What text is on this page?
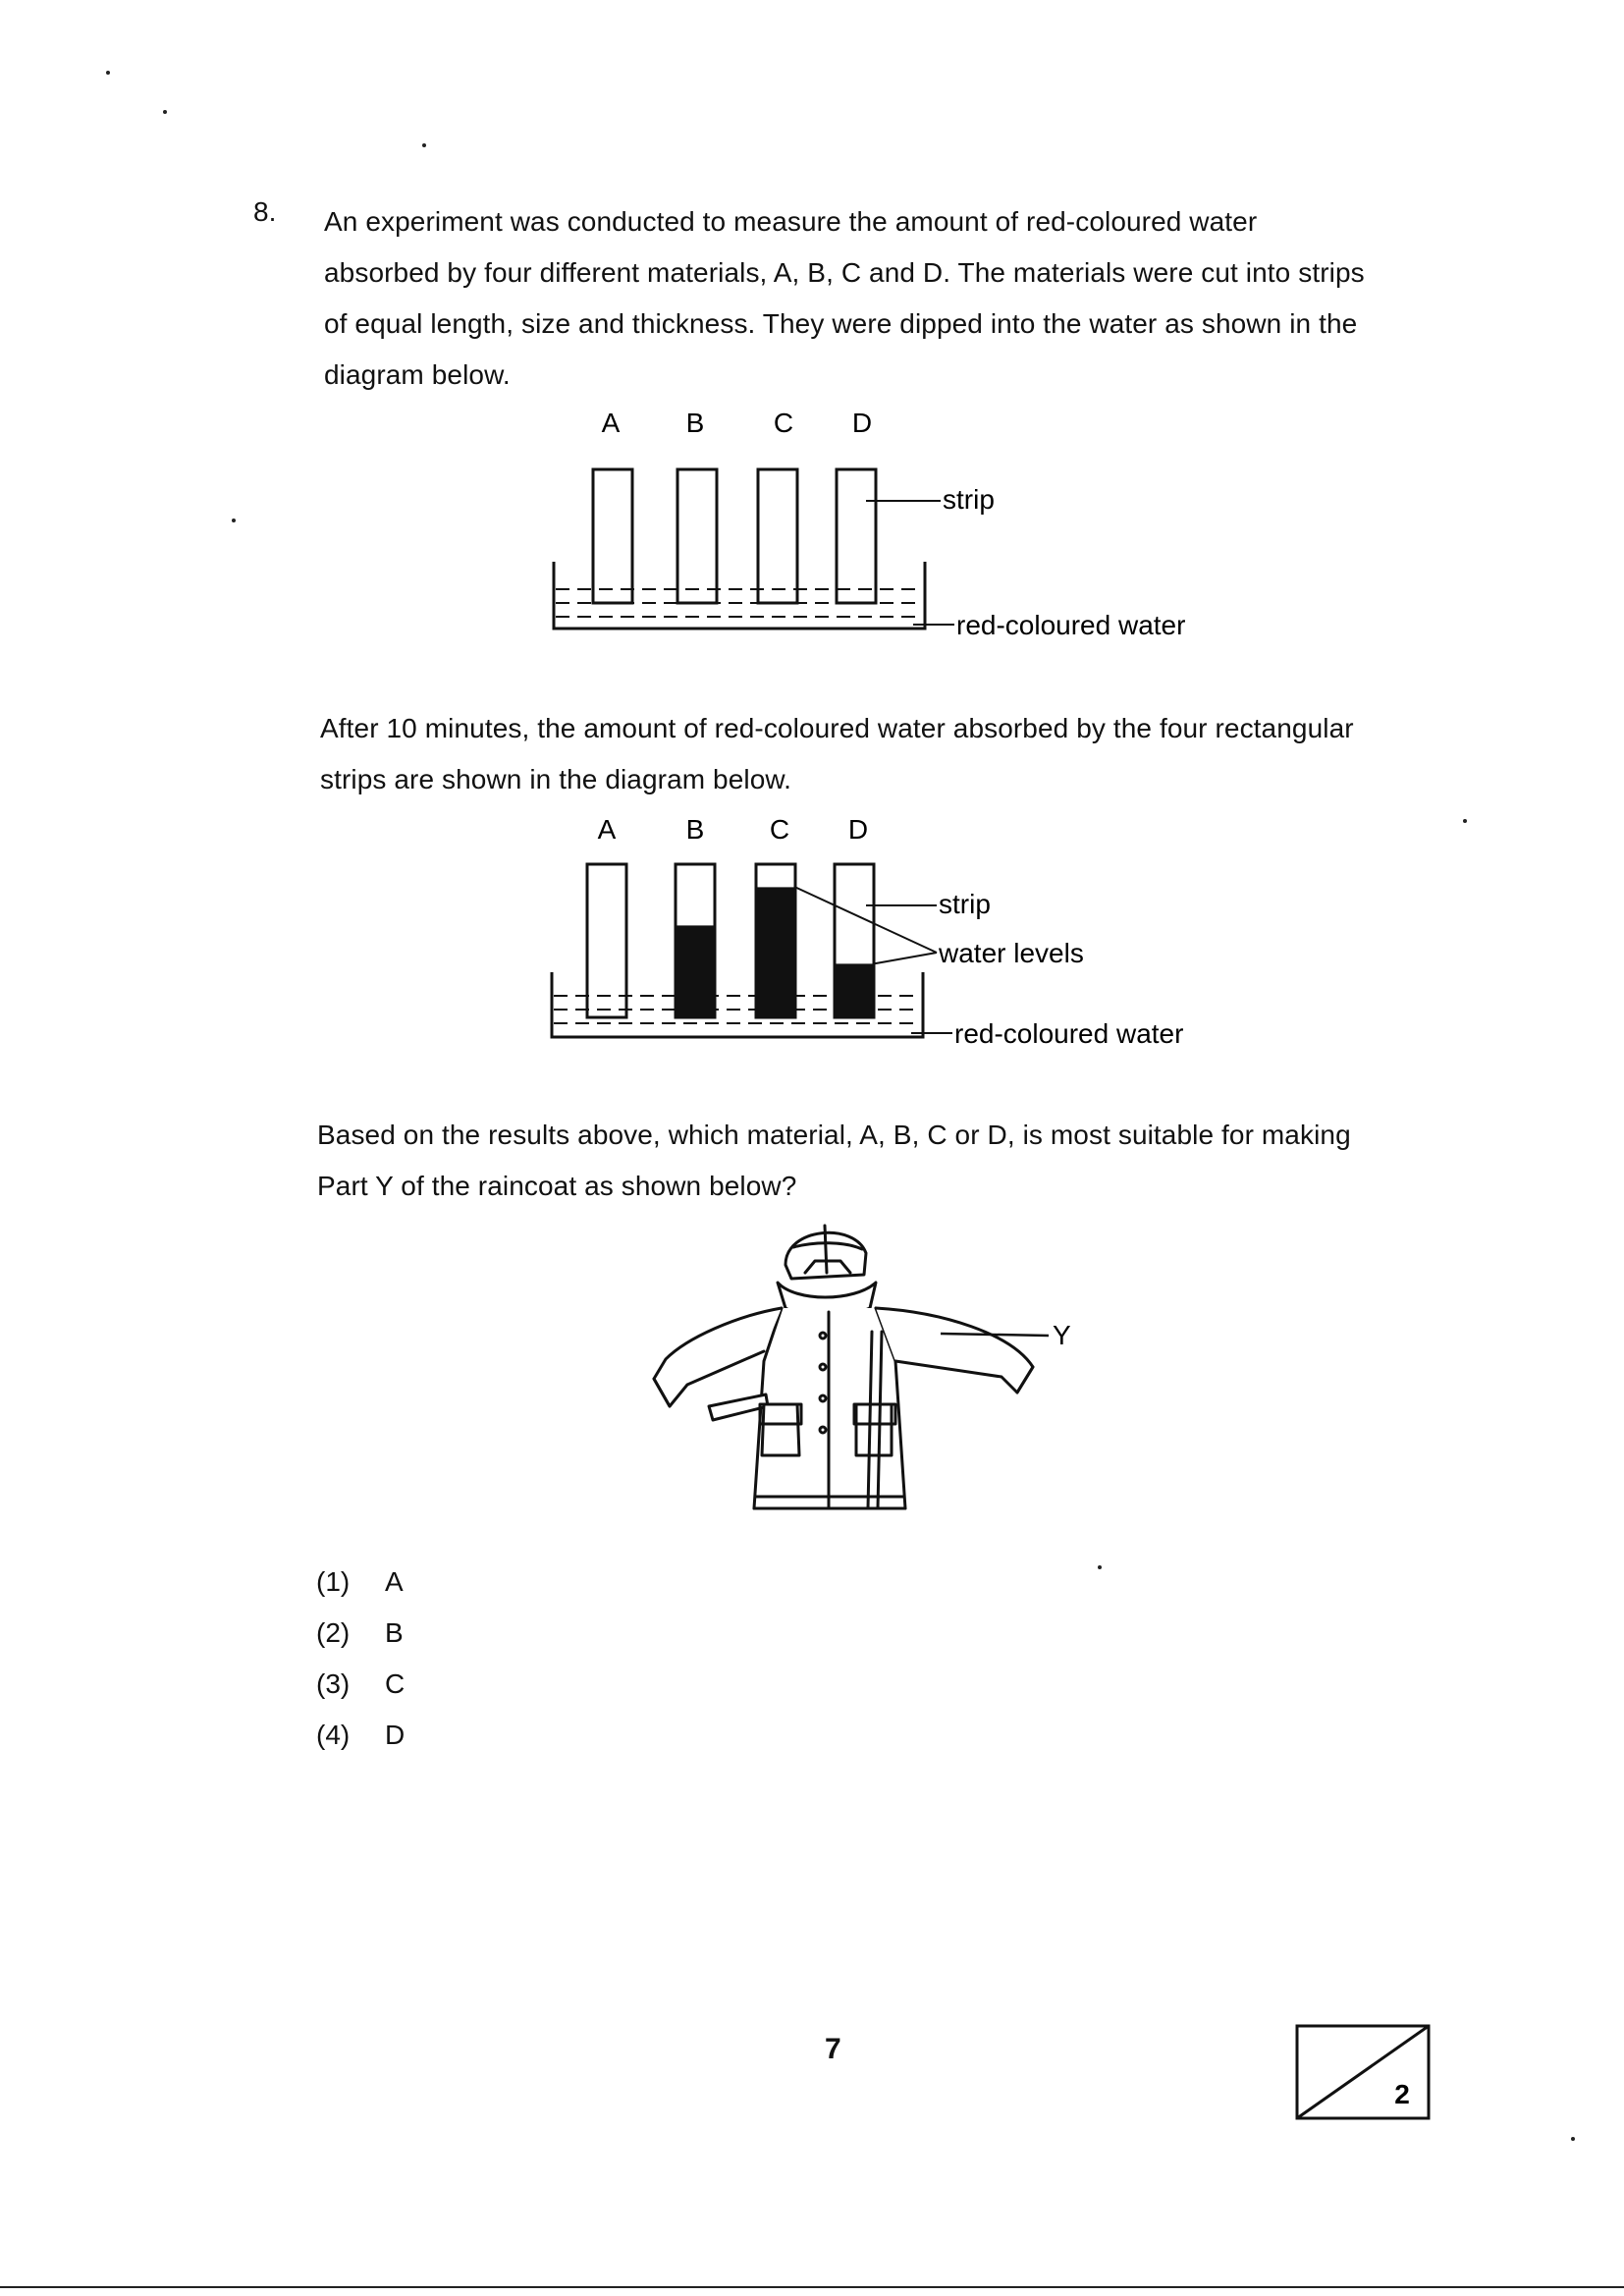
8. An experiment was conducted to measure the amount of red-coloured water
absorbed by four different materials, A, B, C and D. The materials were cut into strips
of equal length, size and thickness. They were dipped into the water as shown in the
diagram below.
A B	C D
strip
red-coloured water
After 10 minutes, the amount of red-coloured water absorbed by the four rectangular
strips are shown in the diagram below.
A	B C D
strip
water levels
red-coloured water
Based on the results above, which material, A, B, C or D, is most suitable for making
Part Y of the raincoat as shown below?
Y
(1)	A
(2)	B
(3)	C
(4)	D
7
2
